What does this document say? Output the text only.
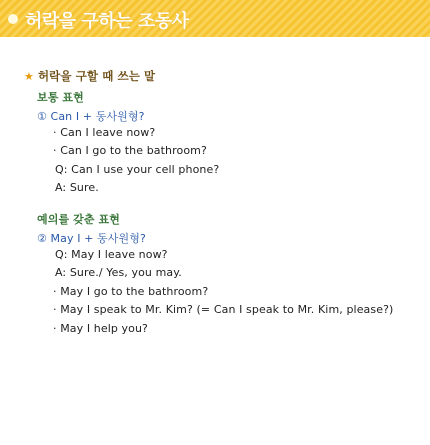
허락을 구하는 조동사
★ 허락을 구할 때 쓰는 말
보통 표현
① Can I + 동사원형?
· Can I leave now?
· Can I go to the bathroom?
Q: Can I use your cell phone?
A: Sure.
예의를 갖춘 표현
② May I + 동사원형?
Q: May I leave now?
A: Sure./ Yes, you may.
· May I go to the bathroom?
· May I speak to Mr. Kim? (= Can I speak to Mr. Kim, please?)
· May I help you?
